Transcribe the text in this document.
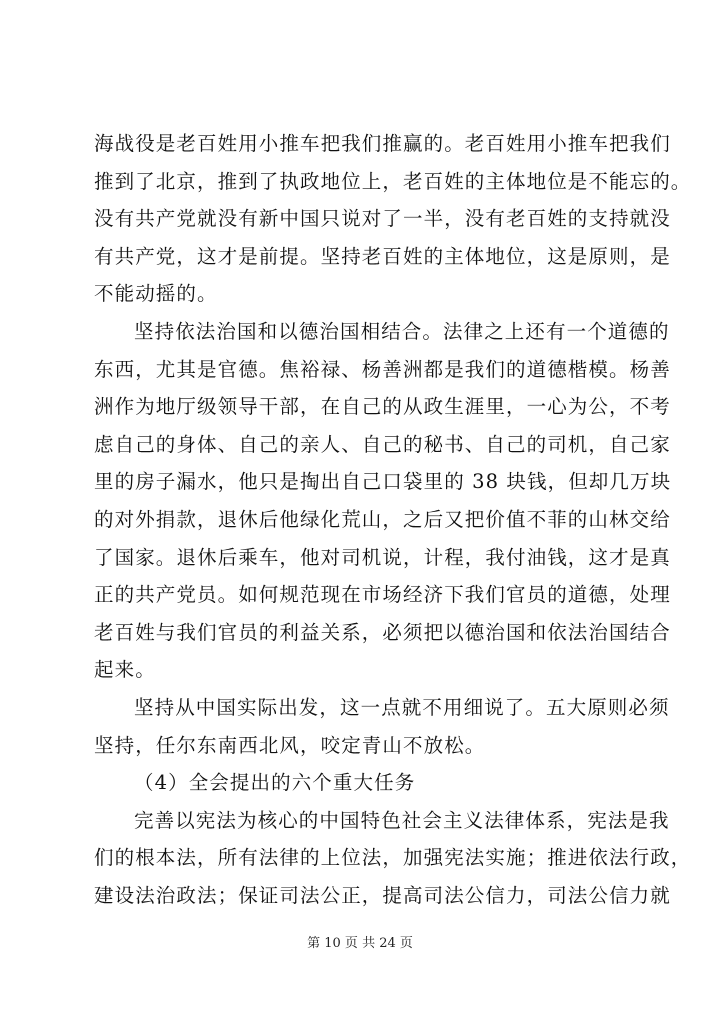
海战役是老百姓用小推车把我们推赢的。老百姓用小推车把我们
推到了北京，推到了执政地位上，老百姓的主体地位是不能忘的。
没有共产党就没有新中国只说对了一半，没有老百姓的支持就没
有共产党，这才是前提。坚持老百姓的主体地位，这是原则，是
不能动摇的。
坚持依法治国和以德治国相结合。法律之上还有一个道德的
东西，尤其是官德。焦裕禄、杨善洲都是我们的道德楷模。杨善
洲作为地厅级领导干部，在自己的从政生涯里，一心为公，不考
虑自己的身体、自己的亲人、自己的秘书、自己的司机，自己家
里的房子漏水，他只是掏出自己口袋里的 38 块钱，但却几万块
的对外捐款，退休后他绿化荒山，之后又把价值不菲的山林交给
了国家。退休后乘车，他对司机说，计程，我付油钱，这才是真
正的共产党员。如何规范现在市场经济下我们官员的道德，处理
老百姓与我们官员的利益关系，必须把以德治国和依法治国结合
起来。
坚持从中国实际出发，这一点就不用细说了。五大原则必须
坚持，任尔东南西北风，咬定青山不放松。
（4）全会提出的六个重大任务
完善以宪法为核心的中国特色社会主义法律体系，宪法是我
们的根本法，所有法律的上位法，加强宪法实施；推进依法行政，
建设法治政法；保证司法公正，提高司法公信力，司法公信力就
第 10 页 共 24 页
